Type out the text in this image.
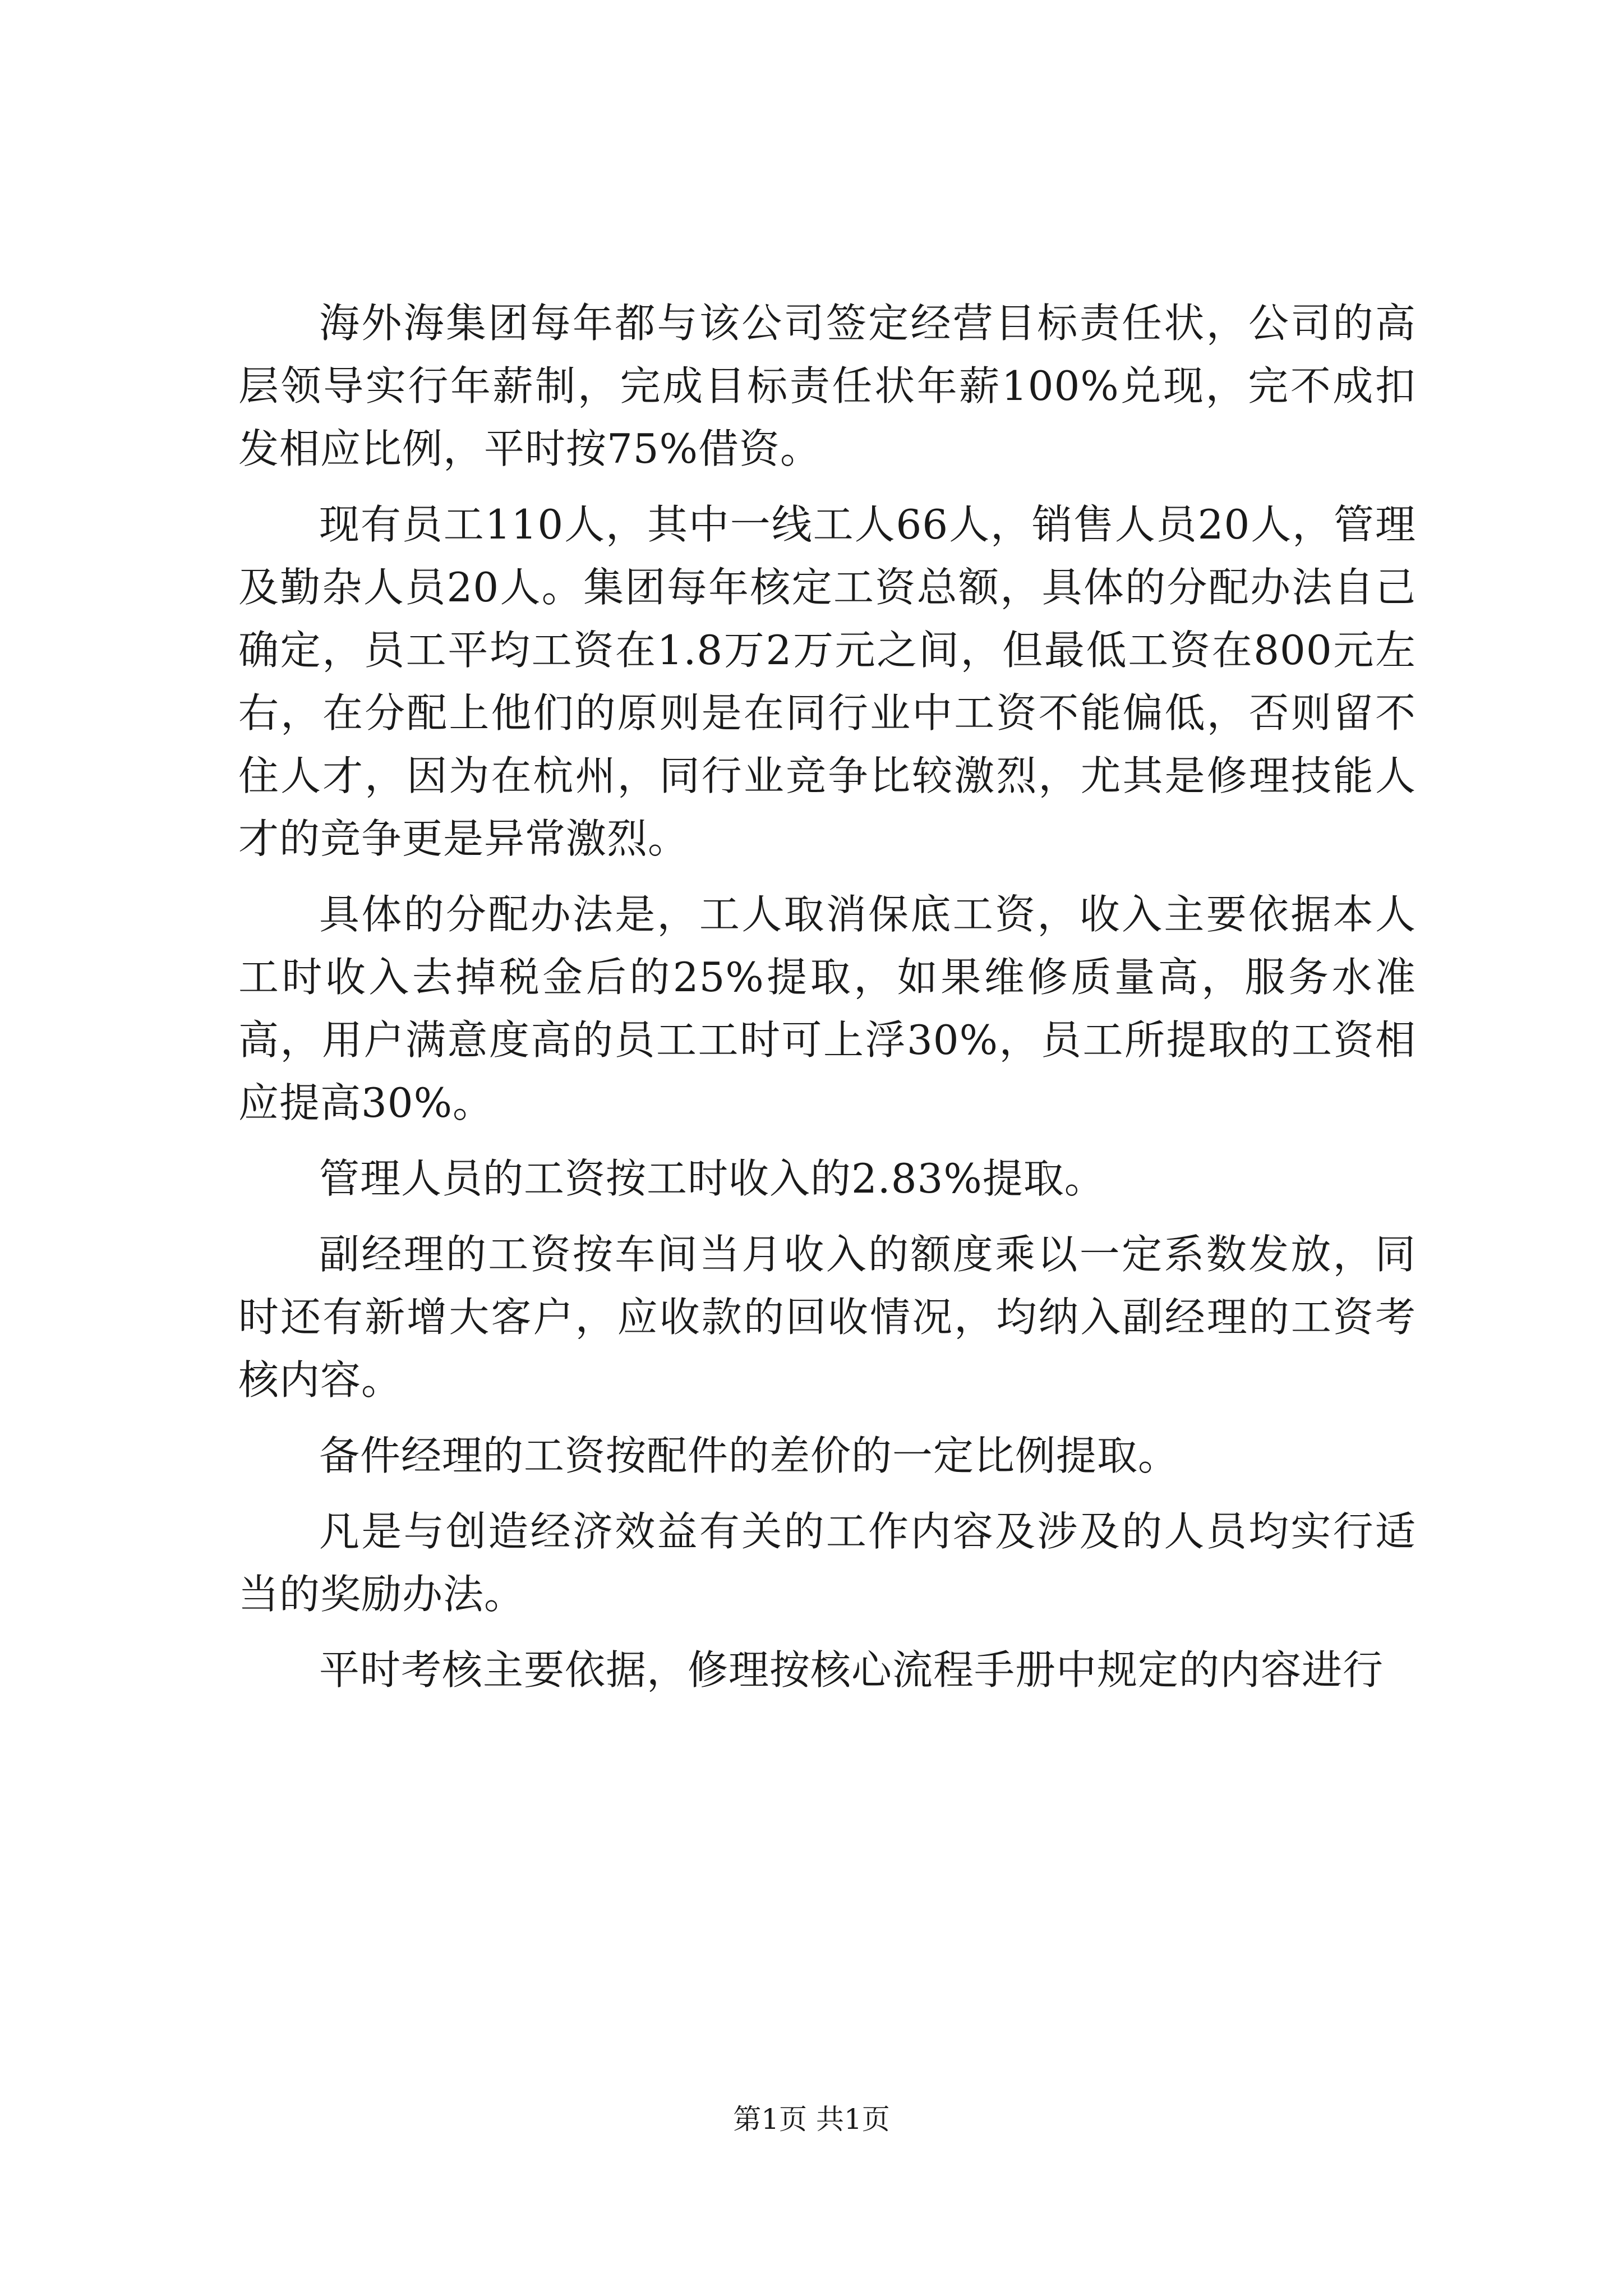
海外海集团每年都与该公司签定经营目标责任状，公司的高层领导实行年薪制，完成目标责任状年薪100%兑现，完不成扣发相应比例，平时按75%借资。

现有员工110人，其中一线工人66人，销售人员20人，管理及勤杂人员20人。集团每年核定工资总额，具体的分配办法自己确定，员工平均工资在1.8万2万元之间，但最低工资在800元左右，在分配上他们的原则是在同行业中工资不能偏低，否则留不住人才，因为在杭州，同行业竞争比较激烈，尤其是修理技能人才的竞争更是异常激烈。

具体的分配办法是，工人取消保底工资，收入主要依据本人工时收入去掉税金后的25%提取，如果维修质量高，服务水准高，用户满意度高的员工工时可上浮30%，员工所提取的工资相应提高30%。

管理人员的工资按工时收入的2.83%提取。

副经理的工资按车间当月收入的额度乘以一定系数发放，同时还有新增大客户，应收款的回收情况，均纳入副经理的工资考核内容。

备件经理的工资按配件的差价的一定比例提取。

凡是与创造经济效益有关的工作内容及涉及的人员均实行适当的奖励办法。

平时考核主要依据，修理按核心流程手册中规定的内容进行

第1页 共1页
